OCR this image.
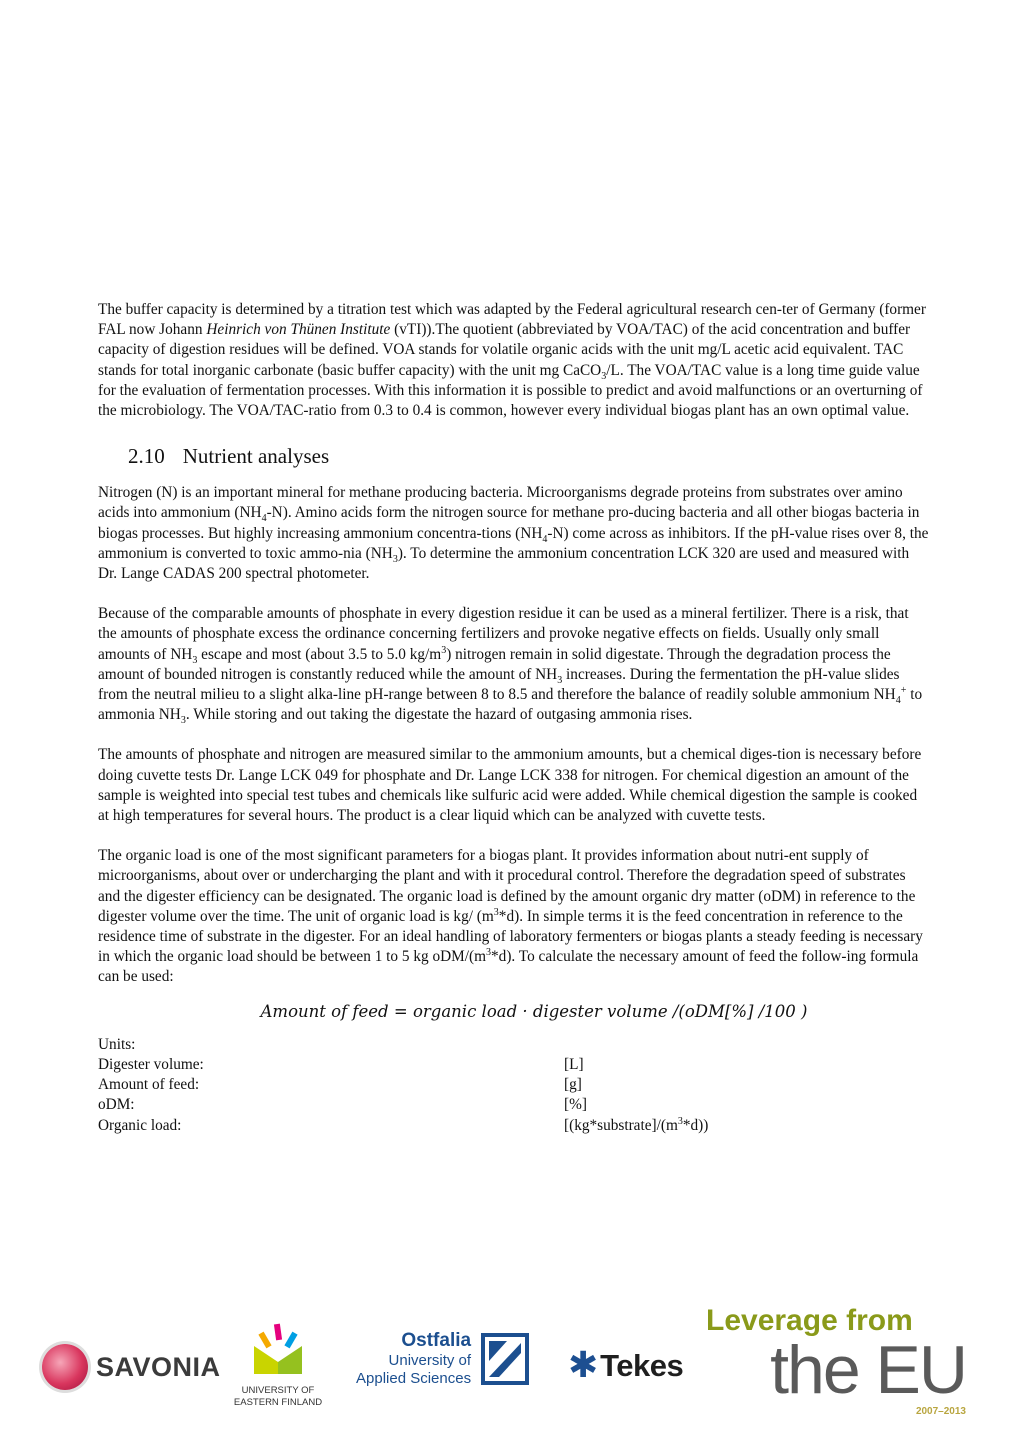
The buffer capacity is determined by a titration test which was adapted by the Federal agricultural research cen-ter of Germany (former FAL now Johann Heinrich von Thünen Institute (vTI)).The quotient (abbreviated by VOA/TAC) of the acid concentration and buffer capacity of digestion residues will be defined. VOA stands for volatile organic acids with the unit mg/L acetic acid equivalent. TAC stands for total inorganic carbonate (basic buffer capacity) with the unit mg CaCO$_3$/L. The VOA/TAC value is a long time guide value for the evaluation of fermentation processes. With this information it is possible to predict and avoid malfunctions or an overturning of the microbiology. The VOA/TAC-ratio from 0.3 to 0.4 is common, however every individual biogas plant has an own optimal value.

2.10 Nutrient analyses

Nitrogen (N) is an important mineral for methane producing bacteria. Microorganisms degrade proteins from substrates over amino acids into ammonium $(NH_4-N)$. Amino acids form the nitrogen source for methane pro-ducing bacteria and all other biogas bacteria in biogas processes. But highly increasing ammonium concentra-tions $(NH_4-N)$ come across as inhibitors. If the pH-value rises over 8, the ammonium is converted to toxic ammo-nia $(NH_3)$. To determine the ammonium concentration LCK 320 are used and measured with Dr. Lange CADAS 200 spectral photometer.

Because of the comparable amounts of phosphate in every digestion residue it can be used as a mineral fertilizer. There is a risk, that the amounts of phosphate excess the ordinance concerning fertilizers and provoke negative effects on fields. Usually only small amounts of $NH_3$ escape and most (about 3.5 to 5.0 $kg/m^3$) nitrogen remain in solid digestate. Through the degradation process the amount of bounded nitrogen is constantly reduced while the amount of $NH_3$ increases. During the fermentation the pH-value slides from the neutral milieu to a slight alka-line pH-range between 8 to 8.5 and therefore the balance of readily soluble ammonium $NH_4^+$ to ammonia $NH_3$. While storing and out taking the digestate the hazard of outgasing ammonia rises.

The amounts of phosphate and nitrogen are measured similar to the ammonium amounts, but a chemical diges-tion is necessary before doing cuvette tests Dr. Lange LCK 049 for phosphate and Dr. Lange LCK 338 for nitrogen. For chemical digestion an amount of the sample is weighted into special test tubes and chemicals like sulfuric acid were added. While chemical digestion the sample is cooked at high temperatures for several hours. The product is a clear liquid which can be analyzed with cuvette tests.

The organic load is one of the most significant parameters for a biogas plant. It provides information about nutri-ent supply of microorganisms, about over or undercharging the plant and with it procedural control. Therefore the degradation speed of substrates and the digester efficiency can be designated. The organic load is defined by the amount organic dry matter (oDM) in reference to the digester volume over the time. The unit of organic load is kg/ $(m^3*d)$. In simple terms it is the feed concentration in reference to the residence time of substrate in the digester. For an ideal handling of laboratory fermenters or biogas plants a steady feeding is necessary in which the organic load should be between 1 to 5 kg oDM/$(m^3*d)$. To calculate the necessary amount of feed the follow-ing formula can be used:

Amount of feed = organic load · digester volume /(oDM[%] /100 )
Units:
Digester volume:	[L]
Amount of feed:	[g]
oDM:	[%]
Organic load:	$[(kg*substrate]/(m^3*d))$
SAVONIA
UNIVERSITY OF
EASTERN FINLAND
Ostfalia
University of
Applied Sciences	✱ Tekes
Leverage from
the EU
2007–2013
